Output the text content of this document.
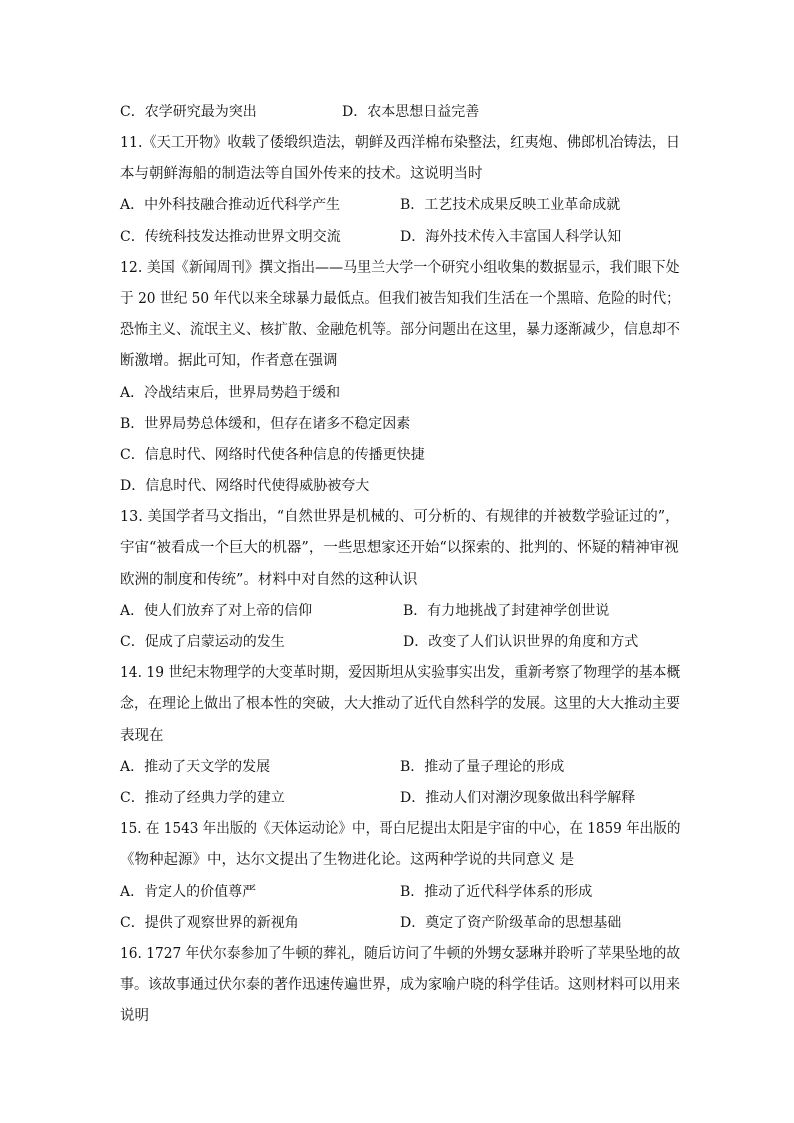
C．农学研究最为突出	D．农本思想日益完善
11.《天工开物》收载了倭缎织造法，朝鲜及西洋棉布染整法，红夷炮、佛郎机冶铸法，日
本与朝鲜海船的制造法等自国外传来的技术。这说明当时
A．中外科技融合推动近代科学产生	B．工艺技术成果反映工业革命成就
C．传统科技发达推动世界文明交流	D．海外技术传入丰富国人科学认知
12. 美国《新闻周刊》撰文指出——马里兰大学一个研究小组收集的数据显示，我们眼下处
于 20 世纪 50 年代以来全球暴力最低点。但我们被告知我们生活在一个黑暗、危险的时代；
恐怖主义、流氓主义、核扩散、金融危机等。部分问题出在这里，暴力逐渐减少，信息却不
断激增。据此可知，作者意在强调
A．冷战结束后，世界局势趋于缓和
B．世界局势总体缓和，但存在诸多不稳定因素
C．信息时代、网络时代使各种信息的传播更快捷
D．信息时代、网络时代使得威胁被夸大
13. 美国学者马文指出，“自然世界是机械的、可分析的、有规律的并被数学验证过的”，
宇宙“被看成一个巨大的机器”，一些思想家还开始“以探索的、批判的、怀疑的精神审视
欧洲的制度和传统”。材料中对自然的这种认识
A．使人们放弃了对上帝的信仰	B．有力地挑战了封建神学创世说
C．促成了启蒙运动的发生	D．改变了人们认识世界的角度和方式
14. 19 世纪末物理学的大变革时期，爱因斯坦从实验事实出发，重新考察了物理学的基本概
念，在理论上做出了根本性的突破，大大推动了近代自然科学的发展。这里的大大推动主要
表现在
A．推动了天文学的发展	B．推动了量子理论的形成
C．推动了经典力学的建立	D．推动人们对潮汐现象做出科学解释
15. 在 1543 年出版的《天体运动论》中，哥白尼提出太阳是宇宙的中心，在 1859 年出版的
《物种起源》中，达尔文提出了生物进化论。这两种学说的共同意义 是
A．肯定人的价值尊严	B．推动了近代科学体系的形成
C．提供了观察世界的新视角	D．奠定了资产阶级革命的思想基础
16. 1727 年伏尔泰参加了牛顿的葬礼，随后访问了牛顿的外甥女瑟琳并聆听了苹果坠地的故
事。该故事通过伏尔泰的著作迅速传遍世界，成为家喻户晓的科学佳话。这则材料可以用来
说明
